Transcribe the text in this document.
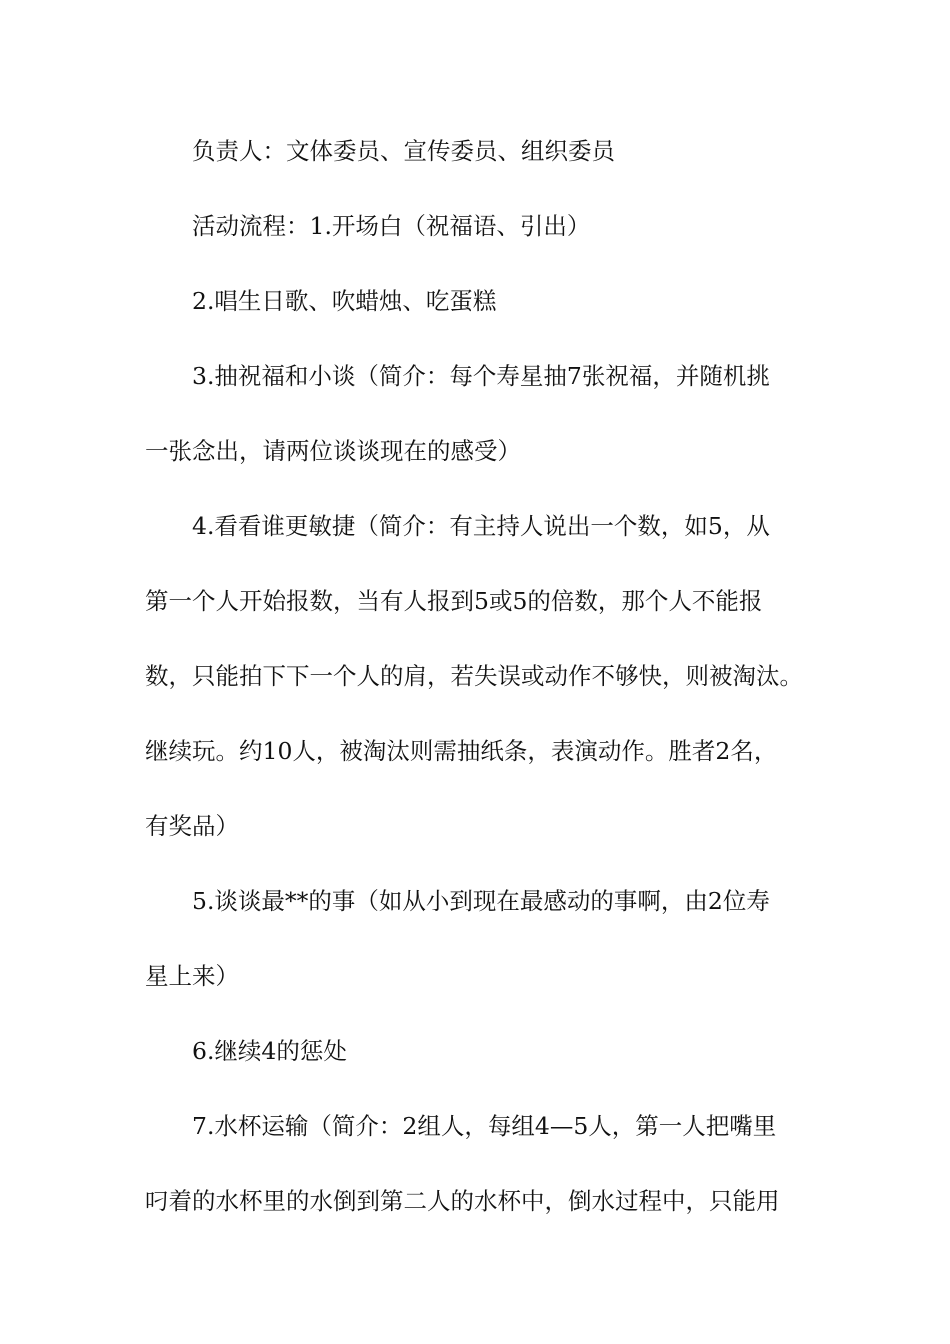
负责人：文体委员、宣传委员、组织委员
活动流程：1.开场白（祝福语、引出）
2.唱生日歌、吹蜡烛、吃蛋糕
3.抽祝福和小谈（简介：每个寿星抽7张祝福，并随机挑
一张念出，请两位谈谈现在的感受）
4.看看谁更敏捷（简介：有主持人说出一个数，如5，从
第一个人开始报数，当有人报到5或5的倍数，那个人不能报
数，只能拍下下一个人的肩，若失误或动作不够快，则被淘汰。
继续玩。约10人，被淘汰则需抽纸条，表演动作。胜者2名，
有奖品）
5.谈谈最**的事（如从小到现在最感动的事啊，由2位寿
星上来）
6.继续4的惩处
7.水杯运输（简介：2组人，每组4—5人，第一人把嘴里
叼着的水杯里的水倒到第二人的水杯中，倒水过程中，只能用
